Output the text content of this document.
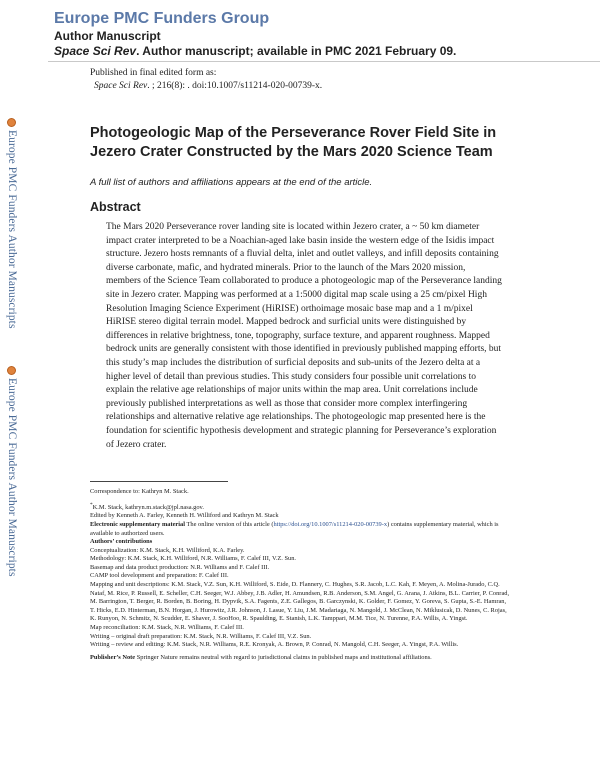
Europe PMC Funders Group
Author Manuscript
Space Sci Rev. Author manuscript; available in PMC 2021 February 09.
Published in final edited form as:
Space Sci Rev. ; 216(8): . doi:10.1007/s11214-020-00739-x.
Europe PMC Funders Author Manuscripts
Europe PMC Funders Author Manuscripts
Photogeologic Map of the Perseverance Rover Field Site in Jezero Crater Constructed by the Mars 2020 Science Team
A full list of authors and affiliations appears at the end of the article.
Abstract
The Mars 2020 Perseverance rover landing site is located within Jezero crater, a ~ 50 km diameter impact crater interpreted to be a Noachian-aged lake basin inside the western edge of the Isidis impact structure. Jezero hosts remnants of a fluvial delta, inlet and outlet valleys, and infill deposits containing diverse carbonate, mafic, and hydrated minerals. Prior to the launch of the Mars 2020 mission, members of the Science Team collaborated to produce a photogeologic map of the Perseverance landing site in Jezero crater. Mapping was performed at a 1:5000 digital map scale using a 25 cm/pixel High Resolution Imaging Science Experiment (HiRISE) orthoimage mosaic base map and a 1 m/pixel HiRISE stereo digital terrain model. Mapped bedrock and surficial units were distinguished by differences in relative brightness, tone, topography, surface texture, and apparent roughness. Mapped bedrock units are generally consistent with those identified in previously published mapping efforts, but this study’s map includes the distribution of surficial deposits and sub-units of the Jezero delta at a higher level of detail than previous studies. This study considers four possible unit correlations to explain the relative age relationships of major units within the map area. Unit correlations include previously published interpretations as well as those that consider more complex interfingering relationships and alternative relative age relationships. The photogeologic map presented here is the foundation for scientific hypothesis development and strategic planning for Perseverance’s exploration of Jezero crater.

Correspondence to: Kathryn M. Stack.

*K.M. Stack, kathryn.m.stack@jpl.nasa.gov.

Edited by Kenneth A. Farley, Kenneth H. Williford and Kathryn M. Stack

Electronic supplementary material The online version of this article (https://doi.org/10.1007/s11214-020-00739-x) contains supplementary material, which is available to authorized users.

Authors’ contributions

Conceptualization: K.M. Stack, K.H. Williford, K.A. Farley.

Methodology: K.M. Stack, K.H. Williford, N.R. Williams, F. Calef III, V.Z. Sun.

Basemap and data product production: N.R. Williams and F. Calef III.

CAMP tool development and preparation: F. Calef III.

Mapping and unit descriptions: K.M. Stack, V.Z. Sun, K.H. Williford, S. Eide, D. Flannery, C. Hughes, S.R. Jacob, L.C. Kah, F. Meyen, A. Molina-Jurado, C.Q. Nataf, M. Rice, P. Russell, E. Scheller, C.H. Seeger, W.J. Abbey, J.B. Adler, H. Amundsen, R.B. Anderson, S.M. Angel, G. Arana, J. Atkins, B.L. Carrier, P. Conrad, M. Barrington, T. Berger, R. Borden, B. Boring, H. Dypvik, S.A. Fagents, Z.E. Gallegos, B. Garczynski, K. Golder, F. Gomez, Y. Goreva, S. Gupta, S.-E. Hamran, T. Hicks, E.D. Hinterman, B.N. Horgan, J. Hurowitz, J.R. Johnson, J. Lasue, Y. Liu, J.M. Madariaga, N. Mangold, J. McClean, N. Miklusicak, D. Nunes, C. Rojas, K. Runyon, N. Schmitz, N. Scudder, E. Shaver, J. SooHoo, R. Spaulding, E. Stanish, L.K. Tamppari, M.M. Tice, N. Turenne, P.A. Willis, A. Yingst.

Map reconciliation: K.M. Stack, N.R. Williams, F. Calef III.

Writing – original draft preparation: K.M. Stack, N.R. Williams, F. Calef III, V.Z. Sun.

Writing – review and editing: K.M. Stack, N.R. Williams, R.E. Kronyak, A. Brown, P. Conrad, N. Mangold, C.H. Seeger, A. Yingst, P.A. Willis.

Publisher’s Note Springer Nature remains neutral with regard to jurisdictional claims in published maps and institutional affiliations.
